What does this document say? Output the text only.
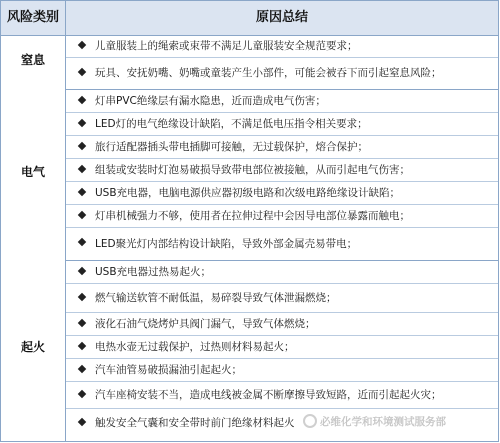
风险类别	原因总结
窒息
电气
起火
儿童服装上的绳索或束带不满足儿童服装安全规范要求；
玩具、安抚奶嘴、奶嘴或童装产生小部件，可能会被吞下而引起窒息风险；
灯串PVC绝缘层有漏水隐患，近而造成电气伤害；
LED灯的电气绝缘设计缺陷，不满足低电压指令相关要求；
旅行适配器插头带电插脚可接触，无过载保护，熔合保护；
组装或安装时灯泡易破损导致带电部位被接触，从而引起电气伤害；
USB充电器，电脑电源供应器初级电路和次级电路绝缘设计缺陷；
灯串机械强力不够，使用者在拉伸过程中会因导电部位暴露而触电；
LED聚光灯内部结构设计缺陷，导致外部金属壳易带电；
USB充电器过热易起火；
燃气输送软管不耐低温，易碎裂导致气体泄漏燃烧；
液化石油气烧烤炉具阀门漏气，导致气体燃烧；
电热水壶无过载保护，过热则材料易起火；
汽车油管易破损漏油引起起火；
汽车座椅安装不当，造成电线被金属不断摩擦导致短路，近而引起起火灾；
触发安全气囊和安全带时前门绝缘材料起火 必维化学和环境测试服务部
